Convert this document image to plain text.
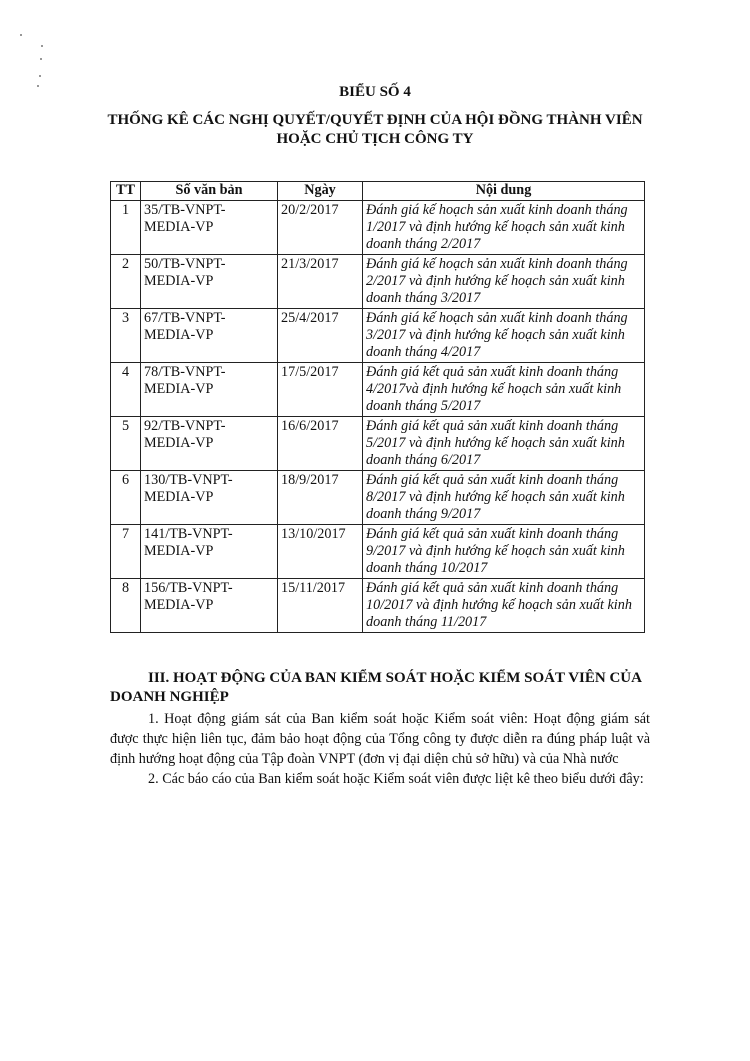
BIỂU SỐ 4
THỐNG KÊ CÁC NGHỊ QUYẾT/QUYẾT ĐỊNH CỦA HỘI ĐỒNG THÀNH VIÊN HOẶC CHỦ TỊCH CÔNG TY
TT	Số văn bản	Ngày	Nội dung
1	35/TB-VNPT-MEDIA-VP	20/2/2017	Đánh giá kế hoạch sản xuất kinh doanh tháng 1/2017 và định hướng kế hoạch sản xuất kinh doanh tháng 2/2017
2	50/TB-VNPT-MEDIA-VP	21/3/2017	Đánh giá kế hoạch sản xuất kinh doanh tháng 2/2017 và định hướng kế hoạch sản xuất kinh doanh tháng 3/2017
3	67/TB-VNPT-MEDIA-VP	25/4/2017	Đánh giá kế hoạch sản xuất kinh doanh tháng 3/2017 và định hướng kế hoạch sản xuất kinh doanh tháng 4/2017
4	78/TB-VNPT-MEDIA-VP	17/5/2017	Đánh giá kết quả sản xuất kinh doanh tháng 4/2017và định hướng kế hoạch sản xuất kinh doanh tháng 5/2017
5	92/TB-VNPT-MEDIA-VP	16/6/2017	Đánh giá kết quả sản xuất kinh doanh tháng 5/2017 và định hướng kế hoạch sản xuất kinh doanh tháng 6/2017
6	130/TB-VNPT-MEDIA-VP	18/9/2017	Đánh giá kết quả sản xuất kinh doanh tháng 8/2017 và định hướng kế hoạch sản xuất kinh doanh tháng 9/2017
7	141/TB-VNPT-MEDIA-VP	13/10/2017	Đánh giá kết quả sản xuất kinh doanh tháng 9/2017 và định hướng kế hoạch sản xuất kinh doanh tháng 10/2017
8	156/TB-VNPT-MEDIA-VP	15/11/2017	Đánh giá kết quả sản xuất kinh doanh tháng 10/2017 và định hướng kế hoạch sản xuất kinh doanh tháng 11/2017
III. HOẠT ĐỘNG CỦA BAN KIỂM SOÁT HOẶC KIỂM SOÁT VIÊN CỦA DOANH NGHIỆP
1. Hoạt động giám sát của Ban kiểm soát hoặc Kiểm soát viên: Hoạt động giám sát được thực hiện liên tục, đảm bảo hoạt động của Tổng công ty được diễn ra đúng pháp luật và định hướng hoạt động của Tập đoàn VNPT (đơn vị đại diện chủ sở hữu) và của Nhà nước
2. Các báo cáo của Ban kiểm soát hoặc Kiểm soát viên được liệt kê theo biểu dưới đây:
